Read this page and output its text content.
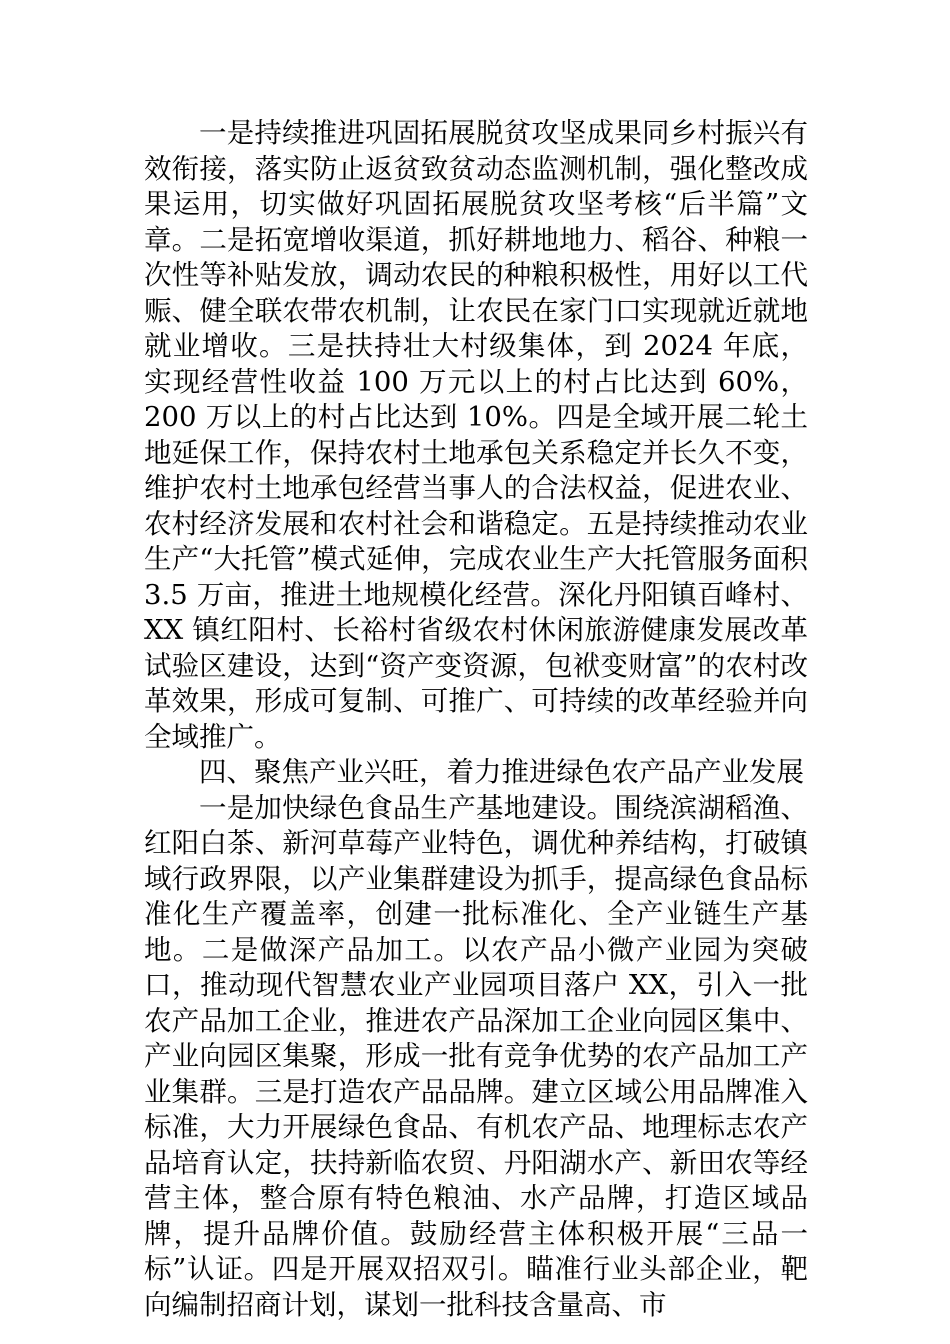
一是持续推进巩固拓展脱贫攻坚成果同乡村振兴有效衔接，落实防止返贫致贫动态监测机制，强化整改成果运用，切实做好巩固拓展脱贫攻坚考核“后半篇”文章。二是拓宽增收渠道，抓好耕地地力、稻谷、种粮一次性等补贴发放，调动农民的种粮积极性，用好以工代赈、健全联农带农机制，让农民在家门口实现就近就地就业增收。三是扶持壮大村级集体，到 2024 年底，实现经营性收益 100 万元以上的村占比达到 60%，200 万以上的村占比达到 10%。四是全域开展二轮土地延保工作，保持农村土地承包关系稳定并长久不变，维护农村土地承包经营当事人的合法权益，促进农业、农村经济发展和农村社会和谐稳定。五是持续推动农业生产“大托管”模式延伸，完成农业生产大托管服务面积 3.5 万亩，推进土地规模化经营。深化丹阳镇百峰村、XX 镇红阳村、长裕村省级农村休闲旅游健康发展改革试验区建设，达到“资产变资源，包袱变财富”的农村改革效果，形成可复制、可推广、可持续的改革经验并向全域推广。

四、聚焦产业兴旺，着力推进绿色农产品产业发展

一是加快绿色食品生产基地建设。围绕滨湖稻渔、红阳白茶、新河草莓产业特色，调优种养结构，打破镇域行政界限，以产业集群建设为抓手，提高绿色食品标准化生产覆盖率，创建一批标准化、全产业链生产基地。二是做深产品加工。以农产品小微产业园为突破口，推动现代智慧农业产业园项目落户 XX，引入一批农产品加工企业，推进农产品深加工企业向园区集中、产业向园区集聚，形成一批有竞争优势的农产品加工产业集群。三是打造农产品品牌。建立区域公用品牌准入标准，大力开展绿色食品、有机农产品、地理标志农产品培育认定，扶持新临农贸、丹阳湖水产、新田农等经营主体，整合原有特色粮油、水产品牌，打造区域品牌，提升品牌价值。鼓励经营主体积极开展“三品一标”认证。四是开展双招双引。瞄准行业头部企业，靶向编制招商计划，谋划一批科技含量高、市
